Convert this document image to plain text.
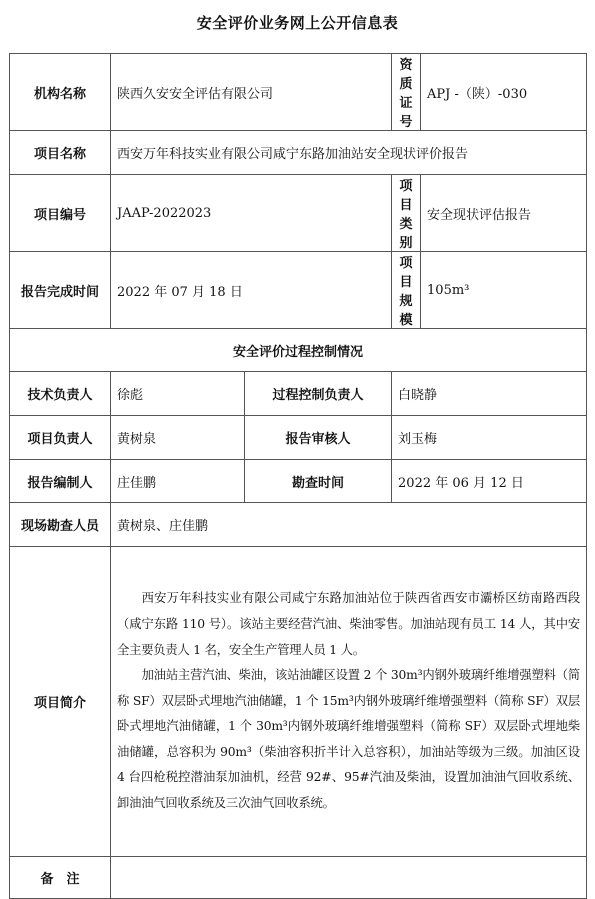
安全评价业务网上公开信息表
机构名称	陕西久安安全评估有限公司		资质证号	APJ -（陕）-030
项目名称	西安万年科技实业有限公司咸宁东路加油站安全现状评价报告			
项目编号	JAAP-2022023		项目类别	安全现状评估报告
报告完成时间	2022 年 07 月 18 日		项目规模	105m³
安全评价过程控制情况				
技术负责人	徐彪	过程控制负责人	白晓静	
项目负责人	黄树泉	报告审核人	刘玉梅	
报告编制人	庄佳鹏	勘查时间	2022 年 06 月 12 日	
现场勘查人员	黄树泉、庄佳鹏			
项目简介	西安万年科技实业有限公司咸宁东路加油站位于陕西省西安市灞桥区纺南路西段（咸宁东路 110 号）。该站主要经营汽油、柴油零售。加油站现有员工 14 人，其中安全主要负责人 1 名，安全生产管理人员 1 人。

加油站主营汽油、柴油，该站油罐区设置 2 个 30m³内钢外玻璃纤维增强塑料（简称 SF）双层卧式埋地汽油储罐，1 个 15m³内钢外玻璃纤维增强塑料（简称 SF）双层卧式埋地汽油储罐，1 个 30m³内钢外玻璃纤维增强塑料（简称 SF）双层卧式埋地柴油储罐，总容积为 90m³（柴油容积折半计入总容积），加油站等级为三级。加油区设 4 台四枪税控潜油泵加油机，经营 92#、95#汽油及柴油，设置加油油气回收系统、卸油油气回收系统及三次油气回收系统。			

备　注				
